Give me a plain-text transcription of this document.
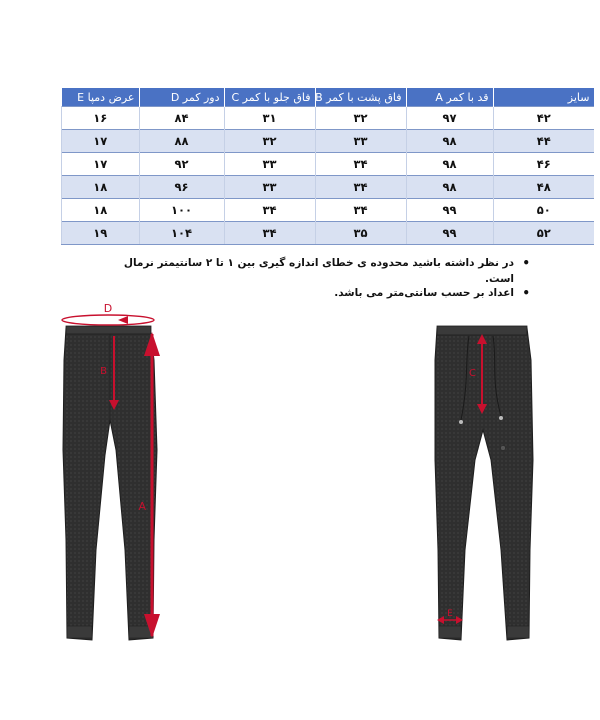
سایز	قد با کمر A	فاق پشت با کمر B	فاق جلو با کمر C	دور کمر D	عرض دمپا E
۴۲	۹۷	۳۲	۳۱	۸۴	۱۶
۴۴	۹۸	۳۳	۳۲	۸۸	۱۷
۴۶	۹۸	۳۴	۳۳	۹۲	۱۷
۴۸	۹۸	۳۴	۳۳	۹۶	۱۸
۵۰	۹۹	۳۴	۳۴	۱۰۰	۱۸
۵۲	۹۹	۳۵	۳۴	۱۰۴	۱۹
•
در نظر داشته باشید محدوده ی خطای اندازه گیری بین ۱ تا ۲ سانتیمتر نرمال است.
•
اعداد بر حسب سانتی‌متر می باشد.
D
A
B	C
E
